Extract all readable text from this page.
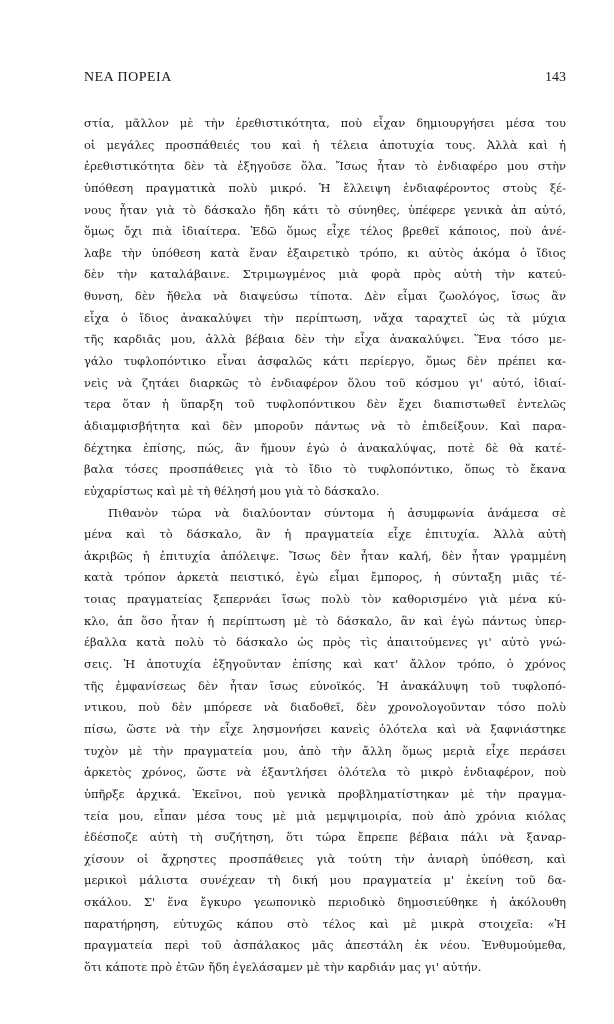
ΝΕΑ ΠΟΡΕΙΑ	143
στία, μᾶλλον μὲ τὴν ἐρεθιστικότητα, ποὺ εἶχαν δημιουργήσει μέσα του
οἱ μεγάλες προσπάθειές του καὶ ἡ τέλεια ἀποτυχία τους. Ἀλλὰ καὶ ἡ
ἐρεθιστικότητα δὲν τὰ ἐξηγοῦσε ὅλα. Ἴσως ἦταν τὸ ἐνδιαφέρο μου στὴν
ὑπόθεση πραγματικὰ πολὺ μικρό. Ἡ ἔλλειψη ἐνδιαφέροντος στοὺς ξέ-
νους ἦταν γιὰ τὸ δάσκαλο ἤδη κάτι τὸ σύνηθες, ὑπέφερε γενικὰ ἀπ αὐτό,
ὅμως ὄχι πιὰ ἰδιαίτερα. Ἐδῶ ὅμως εἶχε τέλος βρεθεῖ κάποιος, ποὺ ἀνέ-
λαβε τὴν ὑπόθεση κατὰ ἕναν ἐξαιρετικὸ τρόπο, κι αὐτὸς ἀκόμα ὁ ἴδιος
δὲν τὴν καταλάβαινε. Στριμωγμένος μιὰ φορὰ πρὸς αὐτὴ τὴν κατεύ-
θυνση, δὲν ἤθελα νὰ διαψεύσω τίποτα. Δὲν εἶμαι ζωολόγος, ἴσως ἂν
εἶχα ὁ ἴδιος ἀνακαλύψει τὴν περίπτωση, νἄχα ταραχτεῖ ὡς τὰ μύχια
τῆς καρδιᾶς μου, ἀλλὰ βέβαια δὲν τὴν εἶχα ἀνακαλύψει. Ἕνα τόσο με-
γάλο τυφλοπόντικο εἶναι ἀσφαλῶς κάτι περίεργο, ὅμως δὲν πρέπει κα-
νεὶς νὰ ζητάει διαρκῶς τὸ ἐνδιαφέρον ὅλου τοῦ κόσμου γι' αὐτό, ἰδιαί-
τερα ὅταν ἡ ὕπαρξη τοῦ τυφλοπόντικου δὲν ἔχει διαπιστωθεῖ ἐντελῶς
ἀδιαμφισβήτητα καὶ δὲν μποροῦν πάντως νὰ τὸ ἐπιδείξουν. Καὶ παρα-
δέχτηκα ἐπίσης, πώς, ἂν ἤμουν ἐγὼ ὁ ἀνακαλύψας, ποτὲ δὲ θὰ κατέ-
βαλα τόσες προσπάθειες γιὰ τὸ ἴδιο τὸ τυφλοπόντικο, ὅπως τὸ ἔκανα
εὐχαρίστως καὶ μὲ τὴ θέλησή μου γιὰ τὸ δάσκαλο.
Πιθανὸν τώρα νὰ διαλύονταν σύντομα ἡ ἀσυμφωνία ἀνάμεσα σὲ
μένα καὶ τὸ δάσκαλο, ἂν ἡ πραγματεία εἶχε ἐπιτυχία. Ἀλλὰ αὐτὴ
ἀκριβῶς ἡ ἐπιτυχία ἀπόλειψε. Ἴσως δὲν ἦταν καλή, δὲν ἦταν γραμμένη
κατὰ τρόπον ἀρκετὰ πειστικό, ἐγὼ εἶμαι ἔμπορος, ἡ σύνταξη μιᾶς τέ-
τοιας πραγματείας ξεπερνάει ἴσως πολὺ τὸν καθορισμένο γιὰ μένα κύ-
κλο, ἀπ ὅσο ἦταν ἡ περίπτωση μὲ τὸ δάσκαλο, ἂν καὶ ἐγὼ πάντως ὑπερ-
έβαλλα κατὰ πολὺ τὸ δάσκαλο ὡς πρὸς τὶς ἀπαιτούμενες γι' αὐτὸ γνώ-
σεις. Ἡ ἀποτυχία ἐξηγοῦνταν ἐπίσης καὶ κατ' ἄλλον τρόπο, ὁ χρόνος
τῆς ἐμφανίσεως δὲν ἦταν ἴσως εὐνοϊκός. Ἡ ἀνακάλυψη τοῦ τυφλοπό-
ντικου, ποὺ δὲν μπόρεσε νὰ διαδοθεῖ, δὲν χρονολογοῦνταν τόσο πολὺ
πίσω, ὥστε νὰ τὴν εἶχε λησμονήσει κανεὶς ὁλότελα καὶ νὰ ξαφνιάστηκε
τυχὸν μὲ τὴν πραγματεία μου, ἀπὸ τὴν ἄλλη ὅμως μεριὰ εἶχε περάσει
ἀρκετὸς χρόνος, ὥστε νὰ ἐξαντλήσει ὁλότελα τὸ μικρὸ ἐνδιαφέρον, ποὺ
ὑπῆρξε ἀρχικά. Ἐκεῖνοι, ποὺ γενικὰ προβληματίστηκαν μὲ τὴν πραγμα-
τεία μου, εἶπαν μέσα τους μὲ μιὰ μεμψιμοιρία, ποὺ ἀπὸ χρόνια κιόλας
ἐδέσποζε αὐτὴ τὴ συζήτηση, ὅτι τώρα ἔπρεπε βέβαια πάλι νὰ ξαναρ-
χίσουν οἱ ἄχρηστες προσπάθειες γιὰ τούτη τὴν ἀνιαρὴ ὑπόθεση, καὶ
μερικοὶ μάλιστα συνέχεαν τὴ δική μου πραγματεία μ' ἐκείνη τοῦ δα-
σκάλου. Σ' ἕνα ἔγκυρο γεωπονικὸ περιοδικὸ δημοσιεύθηκε ἡ ἀκόλουθη
παρατήρηση, εὐτυχῶς κάπου στὸ τέλος καὶ μὲ μικρὰ στοιχεῖα: «Ἡ
πραγματεία περὶ τοῦ ἀσπάλακος μᾶς ἀπεστάλη ἐκ νέου. Ἐνθυμούμεθα,
ὅτι κάποτε πρὸ ἐτῶν ἤδη ἐγελάσαμεν μὲ τὴν καρδιάν μας γι' αὐτήν.
